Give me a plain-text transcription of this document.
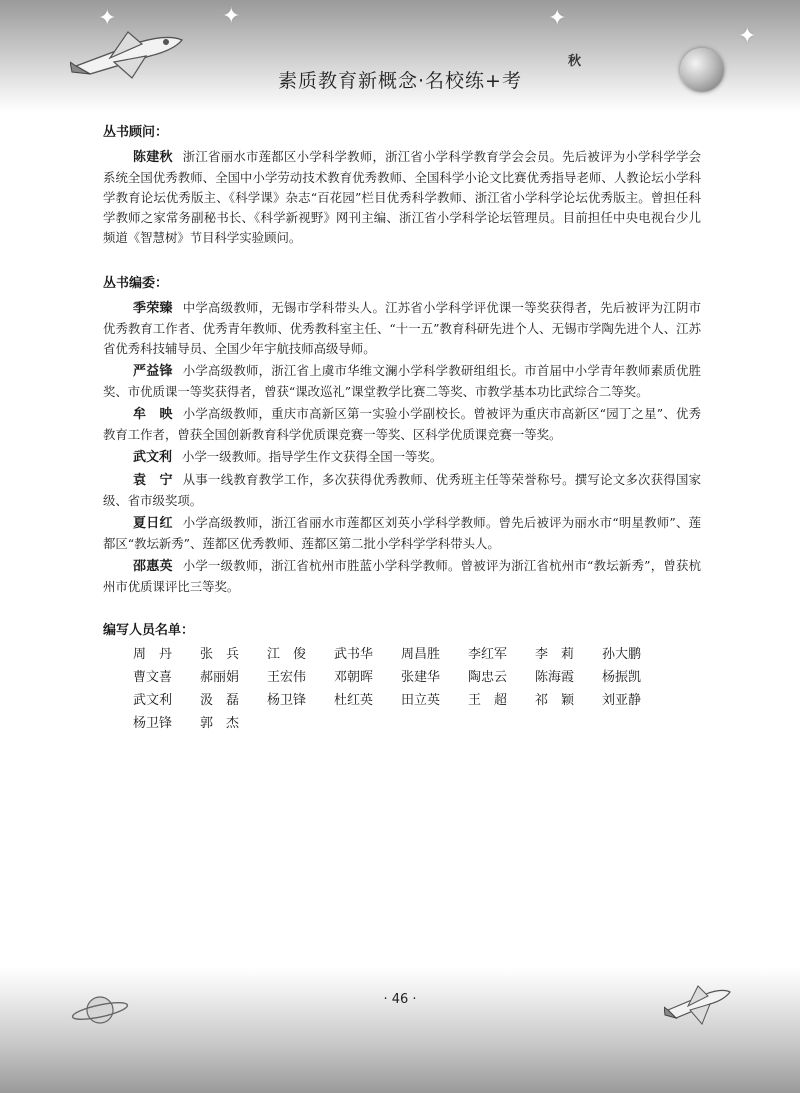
✦	✦	✦
✦
秋
素质教育新概念·名校练+考
丛书顾问：

陈建秋 浙江省丽水市莲都区小学科学教师，浙江省小学科学教育学会会员。先后被评为小学科学学会系统全国优秀教师、全国中小学劳动技术教育优秀教师、全国科学小论文比赛优秀指导老师、人教论坛小学科学教育论坛优秀版主、《科学课》杂志“百花园”栏目优秀科学教师、浙江省小学科学论坛优秀版主。曾担任科学教师之家常务副秘书长、《科学新视野》网刊主编、浙江省小学科学论坛管理员。目前担任中央电视台少儿频道《智慧树》节目科学实验顾问。

丛书编委：

季荣臻 中学高级教师，无锡市学科带头人。江苏省小学科学评优课一等奖获得者，先后被评为江阴市优秀教育工作者、优秀青年教师、优秀教科室主任、“十一五”教育科研先进个人、无锡市学陶先进个人、江苏省优秀科技辅导员、全国少年宇航技师高级导师。

严益锋 小学高级教师，浙江省上虞市华维文澜小学科学教研组组长。市首届中小学青年教师素质优胜奖、市优质课一等奖获得者，曾获“课改巡礼”课堂教学比赛二等奖、市教学基本功比武综合二等奖。

牟　映 小学高级教师，重庆市高新区第一实验小学副校长。曾被评为重庆市高新区“园丁之星”、优秀教育工作者，曾获全国创新教育科学优质课竞赛一等奖、区科学优质课竞赛一等奖。

武文利 小学一级教师。指导学生作文获得全国一等奖。

袁　宁 从事一线教育教学工作，多次获得优秀教师、优秀班主任等荣誉称号。撰写论文多次获得国家级、省市级奖项。

夏日红 小学高级教师，浙江省丽水市莲都区刘英小学科学教师。曾先后被评为丽水市“明星教师”、莲都区“教坛新秀”、莲都区优秀教师、莲都区第二批小学科学学科带头人。

邵惠英 小学一级教师，浙江省杭州市胜蓝小学科学教师。曾被评为浙江省杭州市“教坛新秀”，曾获杭州市优质课评比三等奖。

编写人员名单：
周　丹	张　兵	江　俊	武书华	周昌胜	李红军	李　莉	孙大鹏
曹文喜	郝丽娟	王宏伟	邓朝晖	张建华	陶忠云	陈海霞	杨振凯
武文利	汲　磊	杨卫锋	杜红英	田立英	王　超	祁　颖	刘亚静
杨卫锋	郭　杰
· 46 ·
